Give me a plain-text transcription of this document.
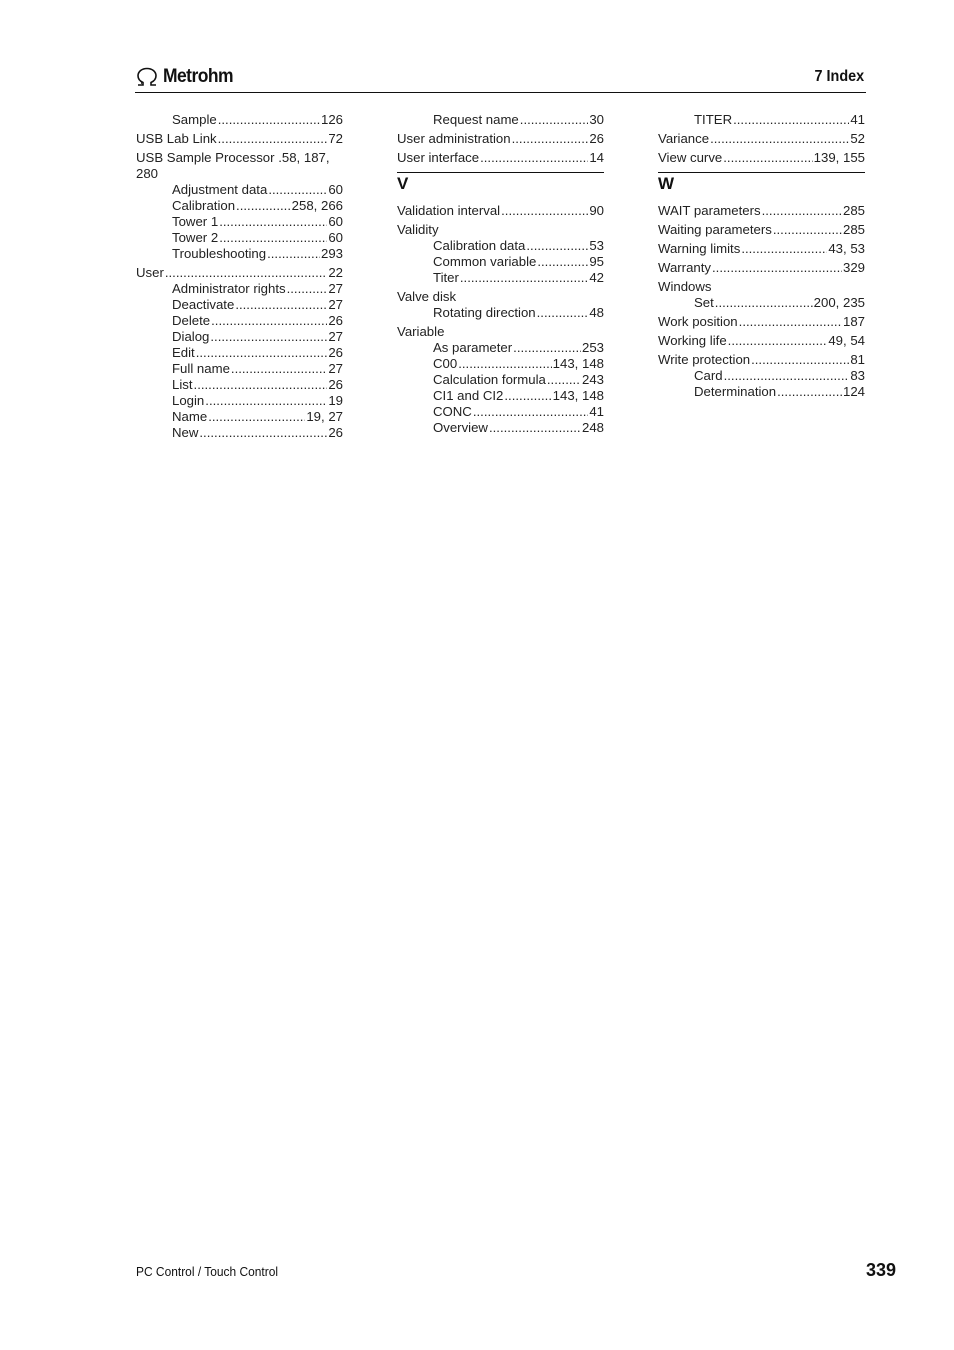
Metrohm	7 Index
Sample .....	126
USB Lab Link .....	72
USB Sample Processor .58, 187, 280
Adjustment data .....	60
Calibration .....	258, 266
Tower 1 .....	60
Tower 2 .....	60
Troubleshooting .....	293
User .....	22
Administrator rights .....	27
Deactivate .....	27
Delete .....	26
Dialog .....	27
Edit .....	26
Full name .....	27
List .....	26
Login .....	19
Name .....	19, 27
New .....	26
Request name .....	30
User administration .....	26
User interface .....	14
V
Validation interval .....	90
Validity
Calibration data .....	53
Common variable .....	95
Titer .....	42
Valve disk
Rotating direction .....	48
Variable
As parameter .....	253
C00 .....	143, 148
Calculation formula .....	243
CI1 and CI2 .....	143, 148
CONC .....	41
Overview .....	248
TITER .....	41
Variance .....	52
View curve .....	139, 155
W
WAIT parameters .....	285
Waiting parameters .....	285
Warning limits .....	43, 53
Warranty .....	329
Windows
Set .....	200, 235
Work position .....	187
Working life .....	49, 54
Write protection .....	81
Card .....	83
Determination .....	124
PC Control / Touch Control	339
